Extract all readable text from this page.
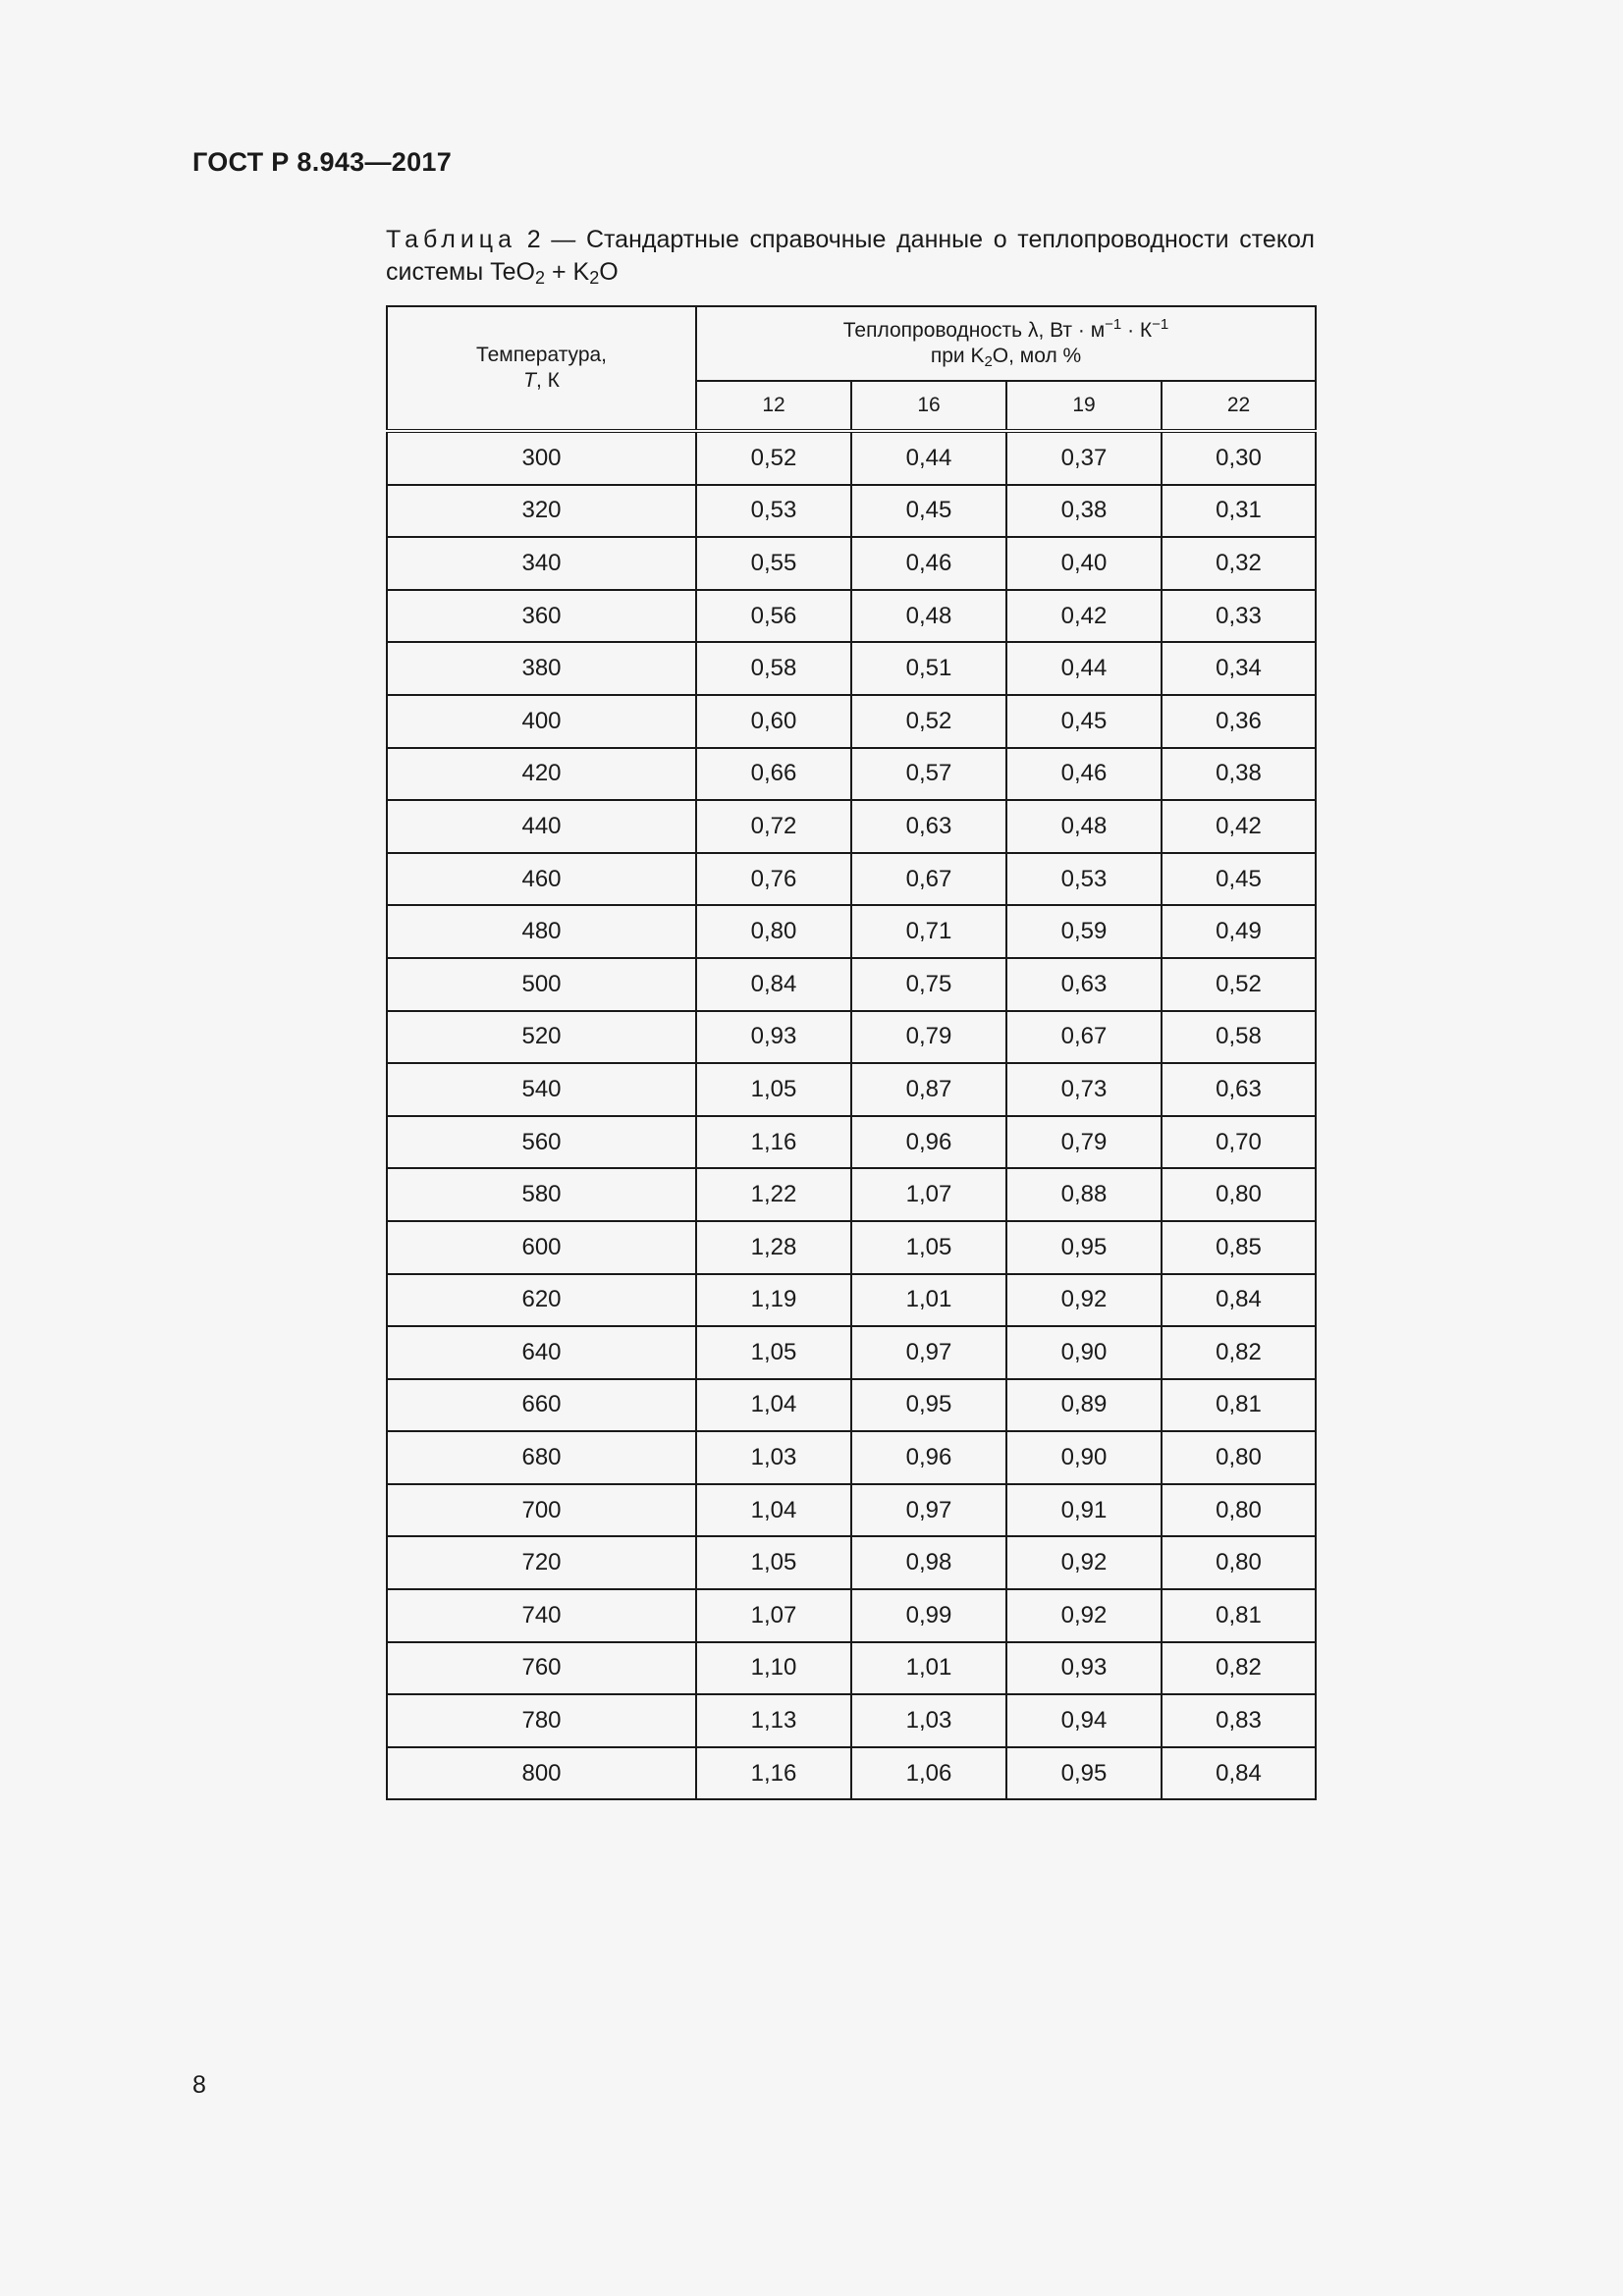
ГОСТ Р 8.943—2017
Таблица 2 — Стандартные справочные данные о теплопроводности стекол системы $TeO_2 + K_2O$
Температура,
T, К	Теплопроводность λ, Вт · $м^{-1} \cdot К^{-1}$
при $K_2O$, мол %			
	12	16	19	22
300	0,52	0,44	0,37	0,30
320	0,53	0,45	0,38	0,31
340	0,55	0,46	0,40	0,32
360	0,56	0,48	0,42	0,33
380	0,58	0,51	0,44	0,34
400	0,60	0,52	0,45	0,36
420	0,66	0,57	0,46	0,38
440	0,72	0,63	0,48	0,42
460	0,76	0,67	0,53	0,45
480	0,80	0,71	0,59	0,49
500	0,84	0,75	0,63	0,52
520	0,93	0,79	0,67	0,58
540	1,05	0,87	0,73	0,63
560	1,16	0,96	0,79	0,70
580	1,22	1,07	0,88	0,80
600	1,28	1,05	0,95	0,85
620	1,19	1,01	0,92	0,84
640	1,05	0,97	0,90	0,82
660	1,04	0,95	0,89	0,81
680	1,03	0,96	0,90	0,80
700	1,04	0,97	0,91	0,80
720	1,05	0,98	0,92	0,80
740	1,07	0,99	0,92	0,81
760	1,10	1,01	0,93	0,82
780	1,13	1,03	0,94	0,83
800	1,16	1,06	0,95	0,84
8
